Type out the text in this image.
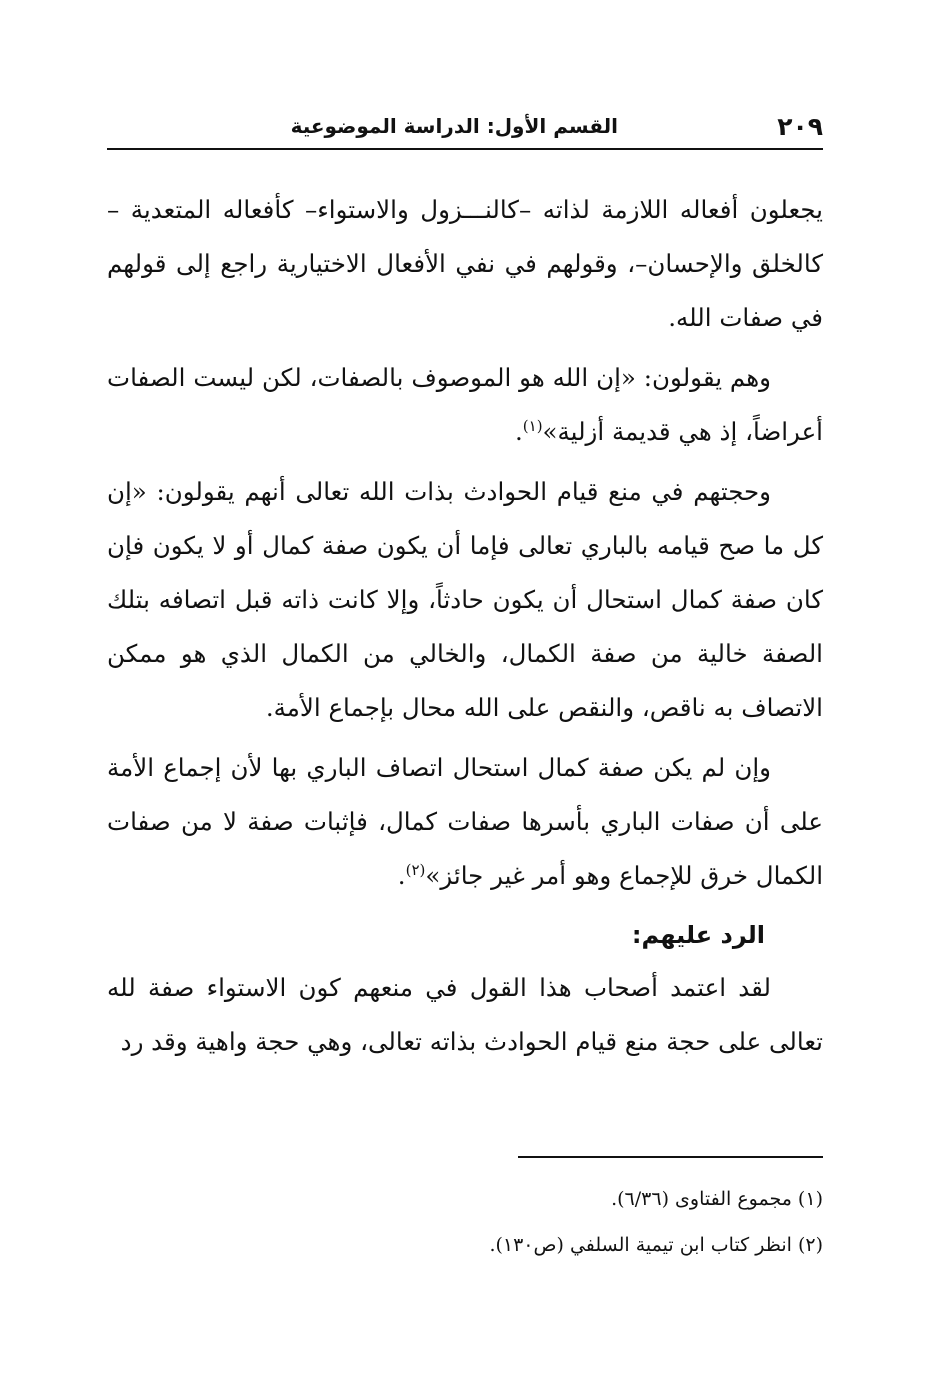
٢٠٩
القسم الأول: الدراسة الموضوعية

يجعلون أفعاله اللازمة لذاته –كالنـــزول والاستواء– كأفعاله المتعدية – كالخلق والإحسان–، وقولهم في نفي الأفعال الاختيارية راجع إلى قولهم في صفات الله.

وهم يقولون: «إن الله هو الموصوف بالصفات، لكن ليست الصفات أعراضاً، إذ هي قديمة أزلية»$^{(١)}$.

وحجتهم في منع قيام الحوادث بذات الله تعالى أنهم يقولون: «إن كل ما صح قيامه بالباري تعالى فإما أن يكون صفة كمال أو لا يكون فإن كان صفة كمال استحال أن يكون حادثاً، وإلا كانت ذاته قبل اتصافه بتلك الصفة خالية من صفة الكمال، والخالي من الكمال الذي هو ممكن الاتصاف به ناقص، والنقص على الله محال بإجماع الأمة.

وإن لم يكن صفة كمال استحال اتصاف الباري بها لأن إجماع الأمة على أن صفات الباري بأسرها صفات كمال، فإثبات صفة لا من صفات الكمال خرق للإجماع وهو أمر غير جائز»$^{(٢)}$.

الرد عليهم:

لقد اعتمد أصحاب هذا القول في منعهم كون الاستواء صفة لله تعالى على حجة منع قيام الحوادث بذاته تعالى، وهي حجة واهية وقد رد

(١) مجموع الفتاوى (٦/٣٦).

(٢) انظر كتاب ابن تيمية السلفي (ص١٣٠).
